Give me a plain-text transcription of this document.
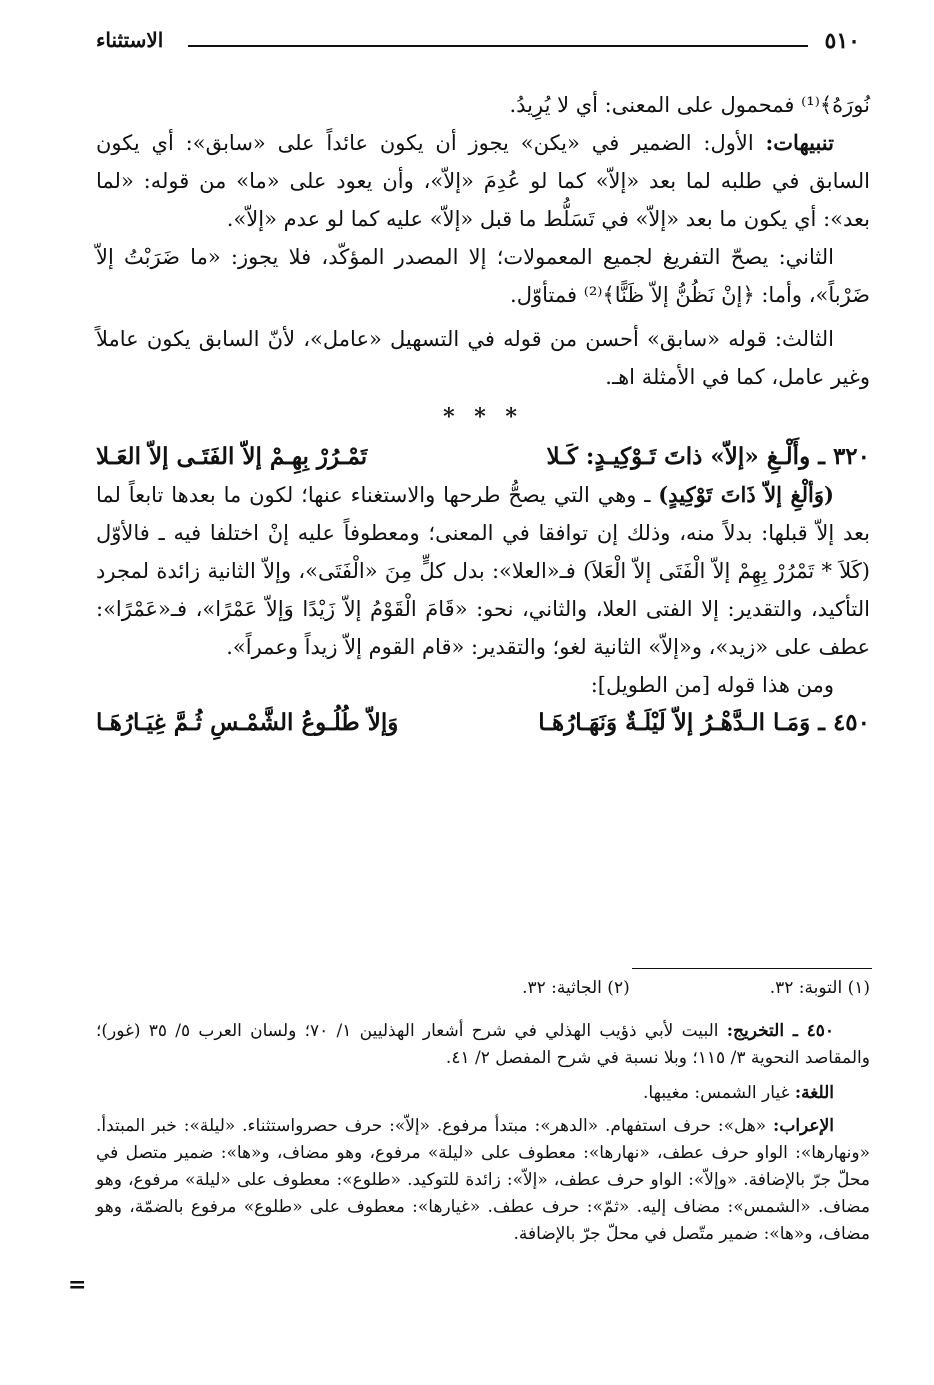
٥١٠
الاستثناء

نُورَهُ﴾⁽¹⁾ فمحمول على المعنى: أي لا يُرِيدُ.

تنبيهات: الأول: الضمير في «يكن» يجوز أن يكون عائداً على «سابق»: أي يكون السابق في طلبه لما بعد «إلاّ» كما لو عُدِمَ «إلاّ»، وأن يعود على «ما» من قوله: «لما بعد»: أي يكون ما بعد «إلاّ» في تَسَلُّط ما قبل «إلاّ» عليه كما لو عدم «إلاّ».

الثاني: يصحّ التفريغ لجميع المعمولات؛ إلا المصدر المؤكّد، فلا يجوز: «ما ضَرَبْتُ إلاّ ضَرْباً»، وأما: ﴿إنْ نَظُنُّ إلاّ ظَنًّا﴾⁽²⁾ فمتأوّل.

الثالث: قوله «سابق» أحسن من قوله في التسهيل «عامل»، لأنّ السابق يكون عاملاً وغير عامل، كما في الأمثلة اهـ.

* * *
٣٢٠ ـ وأَلْـغِ «إلاّ» ذاتَ تَـوْكِيـدٍ: كَـلا
تَمْـرُرْ بِهِـمْ إلاّ الفَتَـى إلاّ العَـلا

(وَألْغِ إلاّ ذَاتَ تَوْكِيدٍ) ـ وهي التي يصحُّ طرحها والاستغناء عنها؛ لكون ما بعدها تابعاً لما بعد إلاّ قبلها: بدلاً منه، وذلك إن توافقا في المعنى؛ ومعطوفاً عليه إنْ اختلفا فيه ـ فالأوّل (كَلاَ * تَمْرُرْ بِهِمْ إلاّ الْفَتَى إلاّ الْعَلاَ) فـ«العلا»: بدل كلٍّ مِنَ «الْفَتَى»، وإلاّ الثانية زائدة لمجرد التأكيد، والتقدير: إلا الفتى العلا، والثاني، نحو: «قَامَ الْقَوْمُ إلاّ زَيْدًا وَإلاّ عَمْرًا»، فـ«عَمْرًا»: عطف على «زيد»، و«إلاّ» الثانية لغو؛ والتقدير: «قام القوم إلاّ زيداً وعمراً».

ومن هذا قوله [من الطويل]:

٤٥٠ ـ وَمَـا الـدَّهْـرُ إلاّ لَيْلَـةٌ وَنَهَـارُهَـا
وَإلاّ طُلُـوعُ الشَّمْـسِ ثُـمَّ غِيَـارُهَـا
(١) التوبة: ٣٢.
(٢) الجاثية: ٣٢.

٤٥٠ ـ التخريج: البيت لأبي ذؤيب الهذلي في شرح أشعار الهذليين ١/ ٧٠؛ ولسان العرب ٥/ ٣٥ (غور)؛ والمقاصد النحوية ٣/ ١١٥؛ وبلا نسبة في شرح المفصل ٢/ ٤١.

اللغة: غيار الشمس: مغيبها.

الإعراب: «هل»: حرف استفهام. «الدهر»: مبتدأ مرفوع. «إلاّ»: حرف حصرواستثناء. «ليلة»: خبر المبتدأ. «ونهارها»: الواو حرف عطف، «نهارها»: معطوف على «ليلة» مرفوع، وهو مضاف، و«ها»: ضمير متصل في محلّ جرّ بالإضافة. «وإلاّ»: الواو حرف عطف، «إلاّ»: زائدة للتوكيد. «طلوع»: معطوف على «ليلة» مرفوع، وهو مضاف. «الشمس»: مضاف إليه. «ثمّ»: حرف عطف. «غيارها»: معطوف على «طلوع» مرفوع بالضمّة، وهو مضاف، و«ها»: ضمير متّصل في محلّ جرّ بالإضافة.

=
